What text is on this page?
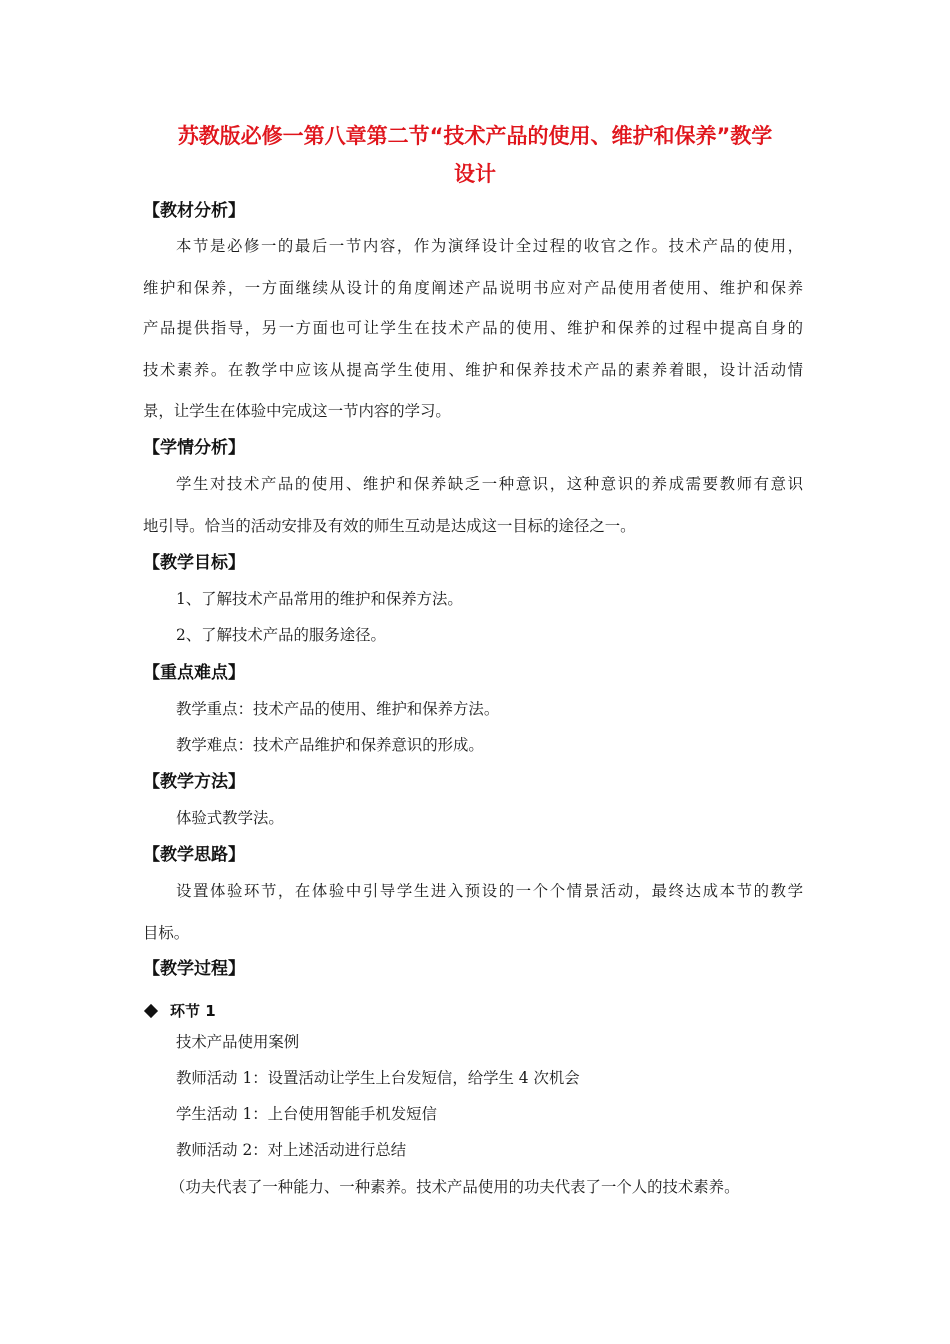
苏教版必修一第八章第二节“技术产品的使用、维护和保养”教学
设计
【教材分析】
本节是必修一的最后一节内容，作为演绎设计全过程的收官之作。技术产品的使用，
维护和保养，一方面继续从设计的角度阐述产品说明书应对产品使用者使用、维护和保养
产品提供指导，另一方面也可让学生在技术产品的使用、维护和保养的过程中提高自身的
技术素养。在教学中应该从提高学生使用、维护和保养技术产品的素养着眼，设计活动情
景，让学生在体验中完成这一节内容的学习。
【学情分析】
学生对技术产品的使用、维护和保养缺乏一种意识，这种意识的养成需要教师有意识
地引导。恰当的活动安排及有效的师生互动是达成这一目标的途径之一。
【教学目标】
1、了解技术产品常用的维护和保养方法。
2、了解技术产品的服务途径。
【重点难点】
教学重点：技术产品的使用、维护和保养方法。
教学难点：技术产品维护和保养意识的形成。
【教学方法】
体验式教学法。
【教学思路】
设置体验环节，在体验中引导学生进入预设的一个个情景活动，最终达成本节的教学
目标。
【教学过程】
环节 1
技术产品使用案例
教师活动 1：设置活动让学生上台发短信，给学生 4 次机会
学生活动 1：上台使用智能手机发短信
教师活动 2：对上述活动进行总结
（功夫代表了一种能力、一种素养。技术产品使用的功夫代表了一个人的技术素养。
